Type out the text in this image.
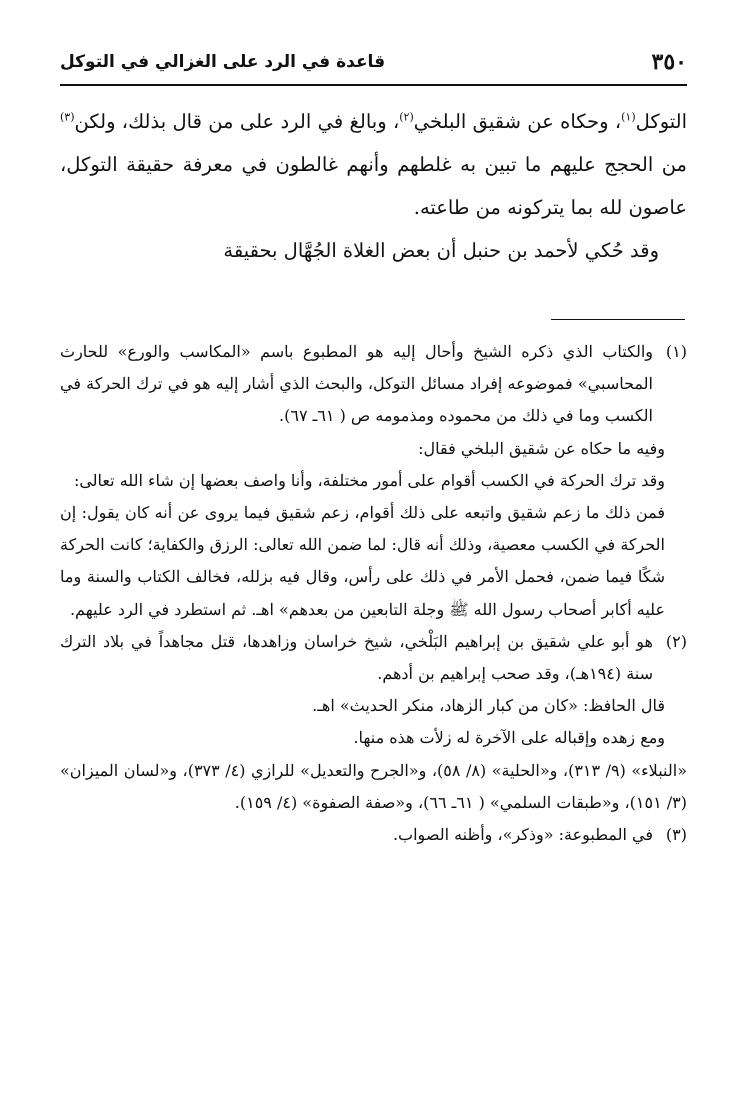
٣٥٠
قاعدة في الرد على الغزالي في التوكل

التوكل$^{(١)}$، وحكاه عن شقيق البلخي$^{(٢)}$، وبالغ في الرد على من قال بذلك، ولكن$^{(٣)}$ من الحجج عليهم ما تبين به غلطهم وأنهم غالطون في معرفة حقيقة التوكل، عاصون لله بما يتركونه من طاعته.

وقد حُكي لأحمد بن حنبل أن بعض الغلاة الجُهَّال بحقيقة

(١)والكتاب الذي ذكره الشيخ وأحال إليه هو المطبوع باسم «المكاسب والورع» للحارث المحاسبي» فموضوعه إفراد مسائل التوكل، والبحث الذي أشار إليه هو في ترك الحركة في الكسب وما في ذلك من محموده ومذمومه ص ( ٦١ـ ٦٧).

وفيه ما حكاه عن شقيق البلخي فقال:

وقد ترك الحركة في الكسب أقوام على أمور مختلفة، وأنا واصف بعضها إن شاء الله تعالى:

فمن ذلك ما زعم شقيق واتبعه على ذلك أقوام، زعم شقيق فيما يروى عن أنه كان يقول: إن الحركة في الكسب معصية، وذلك أنه قال: لما ضمن الله تعالى: الرزق والكفاية؛ كانت الحركة شكًا فيما ضمن، فحمل الأمر في ذلك على رأس، وقال فيه بزلله، فخالف الكتاب والسنة وما عليه أكابر أصحاب رسول الله ﷺ وجلة التابعين من بعدهم» اهـ. ثم استطرد في الرد عليهم.

(٢)هو أبو علي شقيق بن إبراهيم البَلْخي، شيخ خراسان وزاهدها، قتل مجاهداً في بلاد الترك سنة (١٩٤هـ)، وقد صحب إبراهيم بن أدهم.

قال الحافظ: «كان من كبار الزهاد، منكر الحديث» اهـ.

ومع زهده وإقباله على الآخرة له زلأت هذه منها.

«النبلاء» (٩/ ٣١٣)، و«الحلية» (٨/ ٥٨)، و«الجرح والتعديل» للرازي (٤/ ٣٧٣)، و«لسان الميزان» (٣/ ١٥١)، و«طبقات السلمي» ( ٦١ـ ٦٦)، و«صفة الصفوة» (٤/ ١٥٩).

(٣)في المطبوعة: «وذكر»، وأظنه الصواب.
